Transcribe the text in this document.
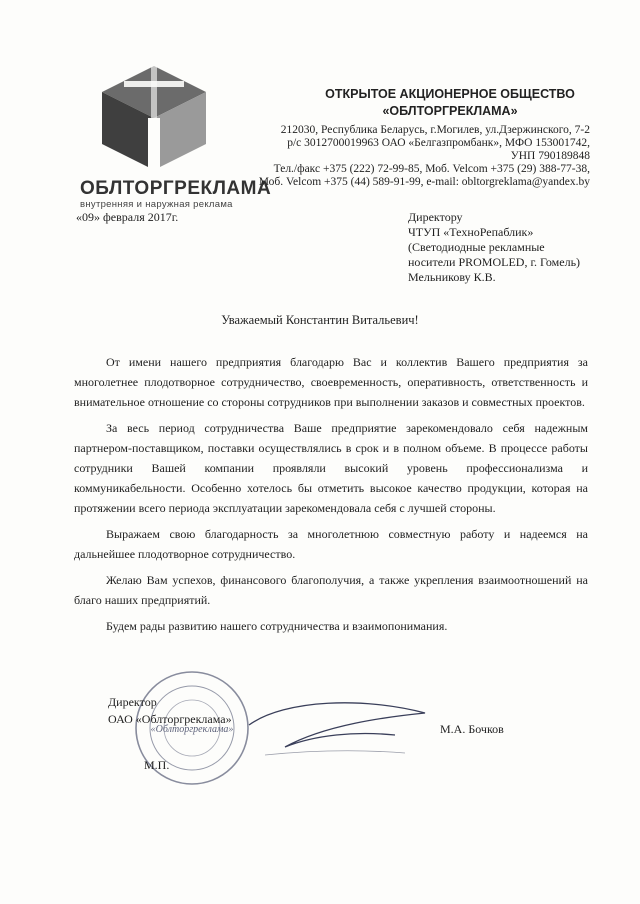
ОБЛТОРГРЕКЛАМА
внутренняя и наружная реклама
ОТКРЫТОЕ АКЦИОНЕРНОЕ ОБЩЕСТВО
«ОБЛТОРГРЕКЛАМА»
212030, Республика Беларусь, г.Могилев, ул.Дзержинского, 7-2
р/с 3012700019963 ОАО «Белгазпромбанк», МФО 153001742,
УНП 790189848
Тел./факс +375 (222) 72-99-85, Моб. Velcom +375 (29) 388-77-38,
Моб. Velcom +375 (44) 589-91-99, e-mail: obltorgreklama@yandex.by
«09» февраля 2017г.	Директору
ЧТУП «ТехноРепаблик»
(Светодиодные рекламные
носители PROMOLED, г. Гомель)
Мельникову К.В.
Уважаемый Константин Витальевич!

От имени нашего предприятия благодарю Вас и коллектив Вашего предприятия за многолетнее плодотворное сотрудничество, своевременность, оперативность, ответственность и внимательное отношение со стороны сотрудников при выполнении заказов и совместных проектов.

За весь период сотрудничества Ваше предприятие зарекомендовало себя надежным партнером-поставщиком, поставки осуществлялись в срок и в полном объеме. В процессе работы сотрудники Вашей компании проявляли высокий уровень профессионализма и коммуникабельности. Особенно хотелось бы отметить высокое качество продукции, которая на протяжении всего периода эксплуатации зарекомендовала себя с лучшей стороны.

Выражаем свою благодарность за многолетнюю совместную работу и надеемся на дальнейшее плодотворное сотрудничество.

Желаю Вам успехов, финансового благополучия, а также укрепления взаимоотношений на благо наших предприятий.

Будем рады развитию нашего сотрудничества и взаимопонимания.

«Облторгреклама»
Директор
ОАО «Облторгреклама»
М.А. Бочков
М.П.
